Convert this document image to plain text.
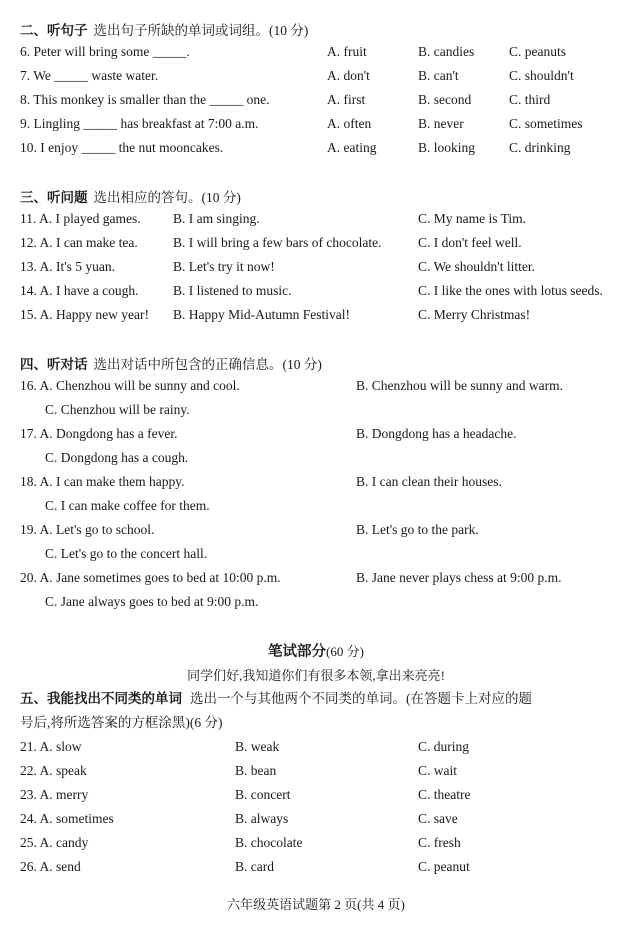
二、听句子 选出句子所缺的单词或词组。(10 分)
6. Peter will bring some _____.	A. fruit	B. candies	C. peanuts
7. We _____ waste water.	A. don't	B. can't	C. shouldn't
8. This monkey is smaller than the _____ one.	A. first	B. second	C. third
9. Lingling _____ has breakfast at 7:00 a.m.	A. often	B. never	C. sometimes
10. I enjoy _____ the nut mooncakes.	A. eating	B. looking	C. drinking
三、听问题 选出相应的答句。(10 分)
11. A. I played games. B. I am singing.	C. My name is Tim.
12. A. I can make tea.	B. I will bring a few bars of chocolate.	C. I don't feel well.
13. A. It's 5 yuan.	B. Let's try it now!	C. We shouldn't litter.
14. A. I have a cough.	B. I listened to music.	C. I like the ones with lotus seeds.
15. A. Happy new year! B. Happy Mid-Autumn Festival!	C. Merry Christmas!
四、听对话 选出对话中所包含的正确信息。(10 分)
16. A. Chenzhou will be sunny and cool.	B. Chenzhou will be sunny and warm.
C. Chenzhou will be rainy.
17. A. Dongdong has a fever.	B. Dongdong has a headache.
C. Dongdong has a cough.
18. A. I can make them happy.	B. I can clean their houses.
C. I can make coffee for them.
19. A. Let's go to school.	B. Let's go to the park.
C. Let's go to the concert hall.
20. A. Jane sometimes goes to bed at 10:00 p.m.	B. Jane never plays chess at 9:00 p.m.
C. Jane always goes to bed at 9:00 p.m.
笔试部分(60 分)
同学们好,我知道你们有很多本领,拿出来亮亮!
五、我能找出不同类的单词 选出一个与其他两个不同类的单词。(在答题卡上对应的题
号后,将所选答案的方框涂黑)(6 分)
21. A. slow	B. weak	C. during
22. A. speak	B. bean	C. wait
23. A. merry	B. concert	C. theatre
24. A. sometimes	B. always	C. save
25. A. candy	B. chocolate	C. fresh
26. A. send	B. card	C. peanut
六年级英语试题第 2 页(共 4 页)
